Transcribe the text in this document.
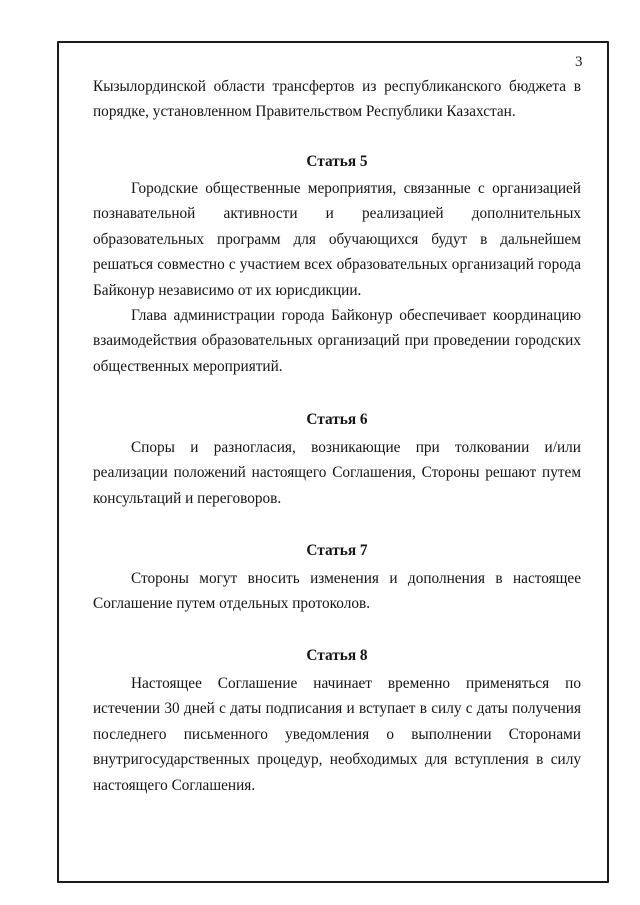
3

Кызылординской области трансфертов из республиканского бюджета в порядке, установленном Правительством Республики Казахстан.

Статья 5

Городские общественные мероприятия, связанные с организацией познавательной активности и реализацией дополнительных образовательных программ для обучающихся будут в дальнейшем решаться совместно с участием всех образовательных организаций города Байконур независимо от их юрисдикции.

Глава администрации города Байконур обеспечивает координацию взаимодействия образовательных организаций при проведении городских общественных мероприятий.

Статья 6

Споры и разногласия, возникающие при толковании и/или реализации положений настоящего Соглашения, Стороны решают путем консультаций и переговоров.

Статья 7

Стороны могут вносить изменения и дополнения в настоящее Соглашение путем отдельных протоколов.

Статья 8

Настоящее Соглашение начинает временно применяться по истечении 30 дней с даты подписания и вступает в силу с даты получения последнего письменного уведомления о выполнении Сторонами внутригосударственных процедур, необходимых для вступления в силу настоящего Соглашения.
